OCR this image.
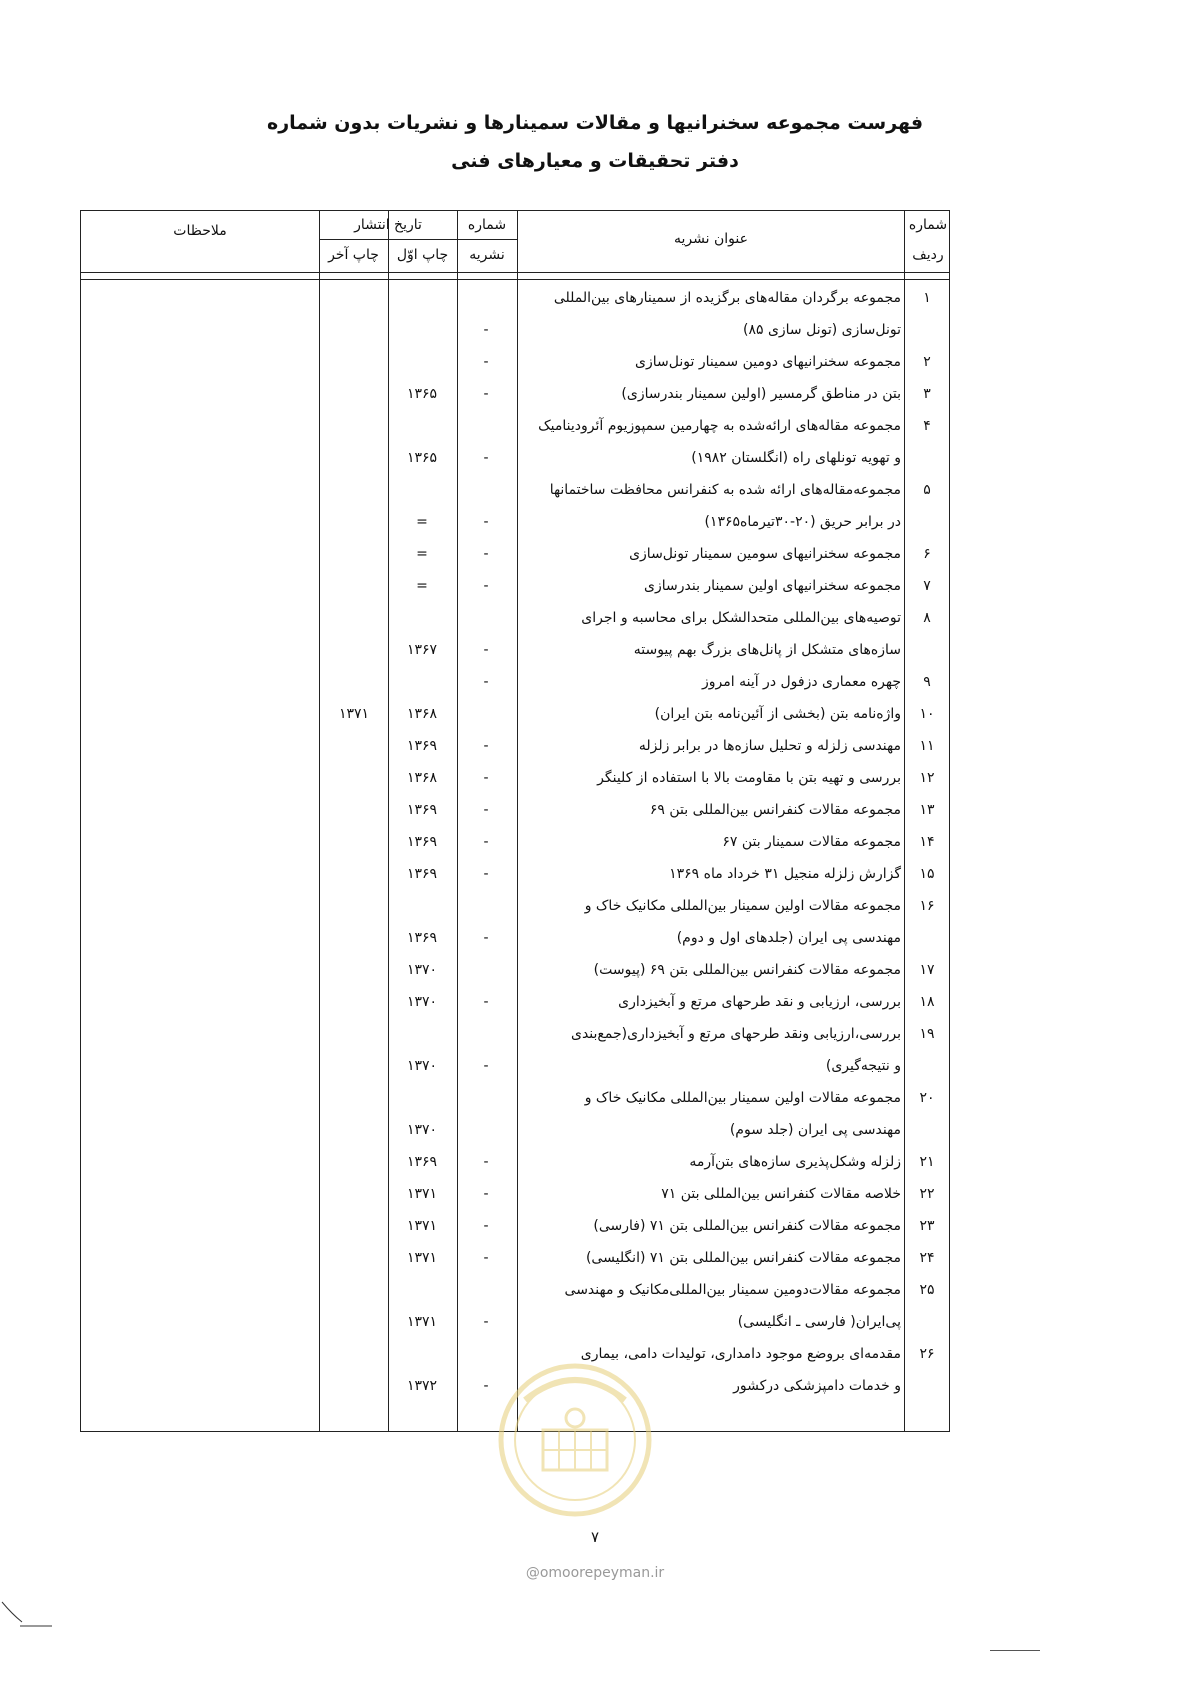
فهرست مجموعه سخنرانیها و مقالات سمینارها و نشریات بدون شماره
دفتر تحقیقات و معیارهای فنی
شماره
ردیف
عنوان نشریه
شماره
نشریه
تاریخ انتشار
چاپ اوّل
چاپ آخر
ملاحظات
۱
مجموعه برگردان مقاله‌های برگزیده از سمینارهای بین‌المللی
تونل‌سازی (تونل سازی ۸۵)
-
۲
مجموعه سخنرانیهای دومین سمینار تونل‌سازی
-
۳
بتن در مناطق گرمسیر (اولین سمینار بندرسازی)
-
۱۳۶۵
۴
مجموعه مقاله‌های ارائه‌شده به چهارمین سمپوزیوم آئرودینامیک
و تهویه تونلهای راه (انگلستان ۱۹۸۲)
-
۱۳۶۵
۵
مجموعه‌مقاله‌های ارائه شده به کنفرانس محافظت ساختمانها
در برابر حریق (۲۰-۳۰تیرماه۱۳۶۵)
-
=
۶
مجموعه سخنرانیهای سومین سمینار تونل‌سازی
-
=
۷
مجموعه سخنرانیهای اولین سمینار بندرسازی
-
=
۸
توصیه‌های بین‌المللی متحدالشکل برای محاسبه و اجرای
سازه‌های متشکل از پانل‌های بزرگ بهم پیوسته
-
۱۳۶۷
۹
چهره معماری دزفول در آینه امروز
-
۱۰
واژه‌نامه بتن (بخشی از آئین‌نامه بتن ایران)
۱۳۶۸
۱۳۷۱
۱۱
مهندسی زلزله و تحلیل سازه‌ها در برابر زلزله
-
۱۳۶۹
۱۲
بررسی و تهیه بتن با مقاومت بالا با استفاده از کلینگر
-
۱۳۶۸
۱۳
مجموعه مقالات کنفرانس بین‌المللی بتن ۶۹
-
۱۳۶۹
۱۴
مجموعه مقالات سمینار بتن ۶۷
-
۱۳۶۹
۱۵
گزارش زلزله منجیل ۳۱ خرداد ماه ۱۳۶۹
-
۱۳۶۹
۱۶
مجموعه مقالات اولین سمینار بین‌المللی مکانیک خاک و
مهندسی پی ایران (جلدهای اول و دوم)
-
۱۳۶۹
۱۷
مجموعه مقالات کنفرانس بین‌المللی بتن ۶۹ (پیوست)
۱۳۷۰
۱۸
بررسی، ارزیابی و نقد طرحهای مرتع و آبخیزداری
-
۱۳۷۰
۱۹
بررسی،ارزیابی ونقد طرحهای مرتع و آبخیزداری(جمع‌بندی
و نتیجه‌گیری)
-
۱۳۷۰
۲۰
مجموعه مقالات اولین سمینار بین‌المللی مکانیک خاک و
مهندسی پی ایران (جلد سوم)
۱۳۷۰
۲۱
زلزله وشکل‌پذیری سازه‌های بتن‌آرمه
-
۱۳۶۹
۲۲
خلاصه مقالات کنفرانس بین‌المللی بتن ۷۱
-
۱۳۷۱
۲۳
مجموعه مقالات کنفرانس بین‌المللی بتن ۷۱ (فارسی)
-
۱۳۷۱
۲۴
مجموعه مقالات کنفرانس بین‌المللی بتن ۷۱ (انگلیسی)
-
۱۳۷۱
۲۵
مجموعه مقالات‌دومین سمینار بین‌المللی‌مکانیک و مهندسی
پی‌ایران( فارسی ـ انگلیسی)
-
۱۳۷۱
۲۶
مقدمه‌ای بروضع موجود دامداری، تولیدات دامی، بیماری
و خدمات دامپزشکی درکشور
-
۱۳۷۲
۷
@omoorepeyman.ir
